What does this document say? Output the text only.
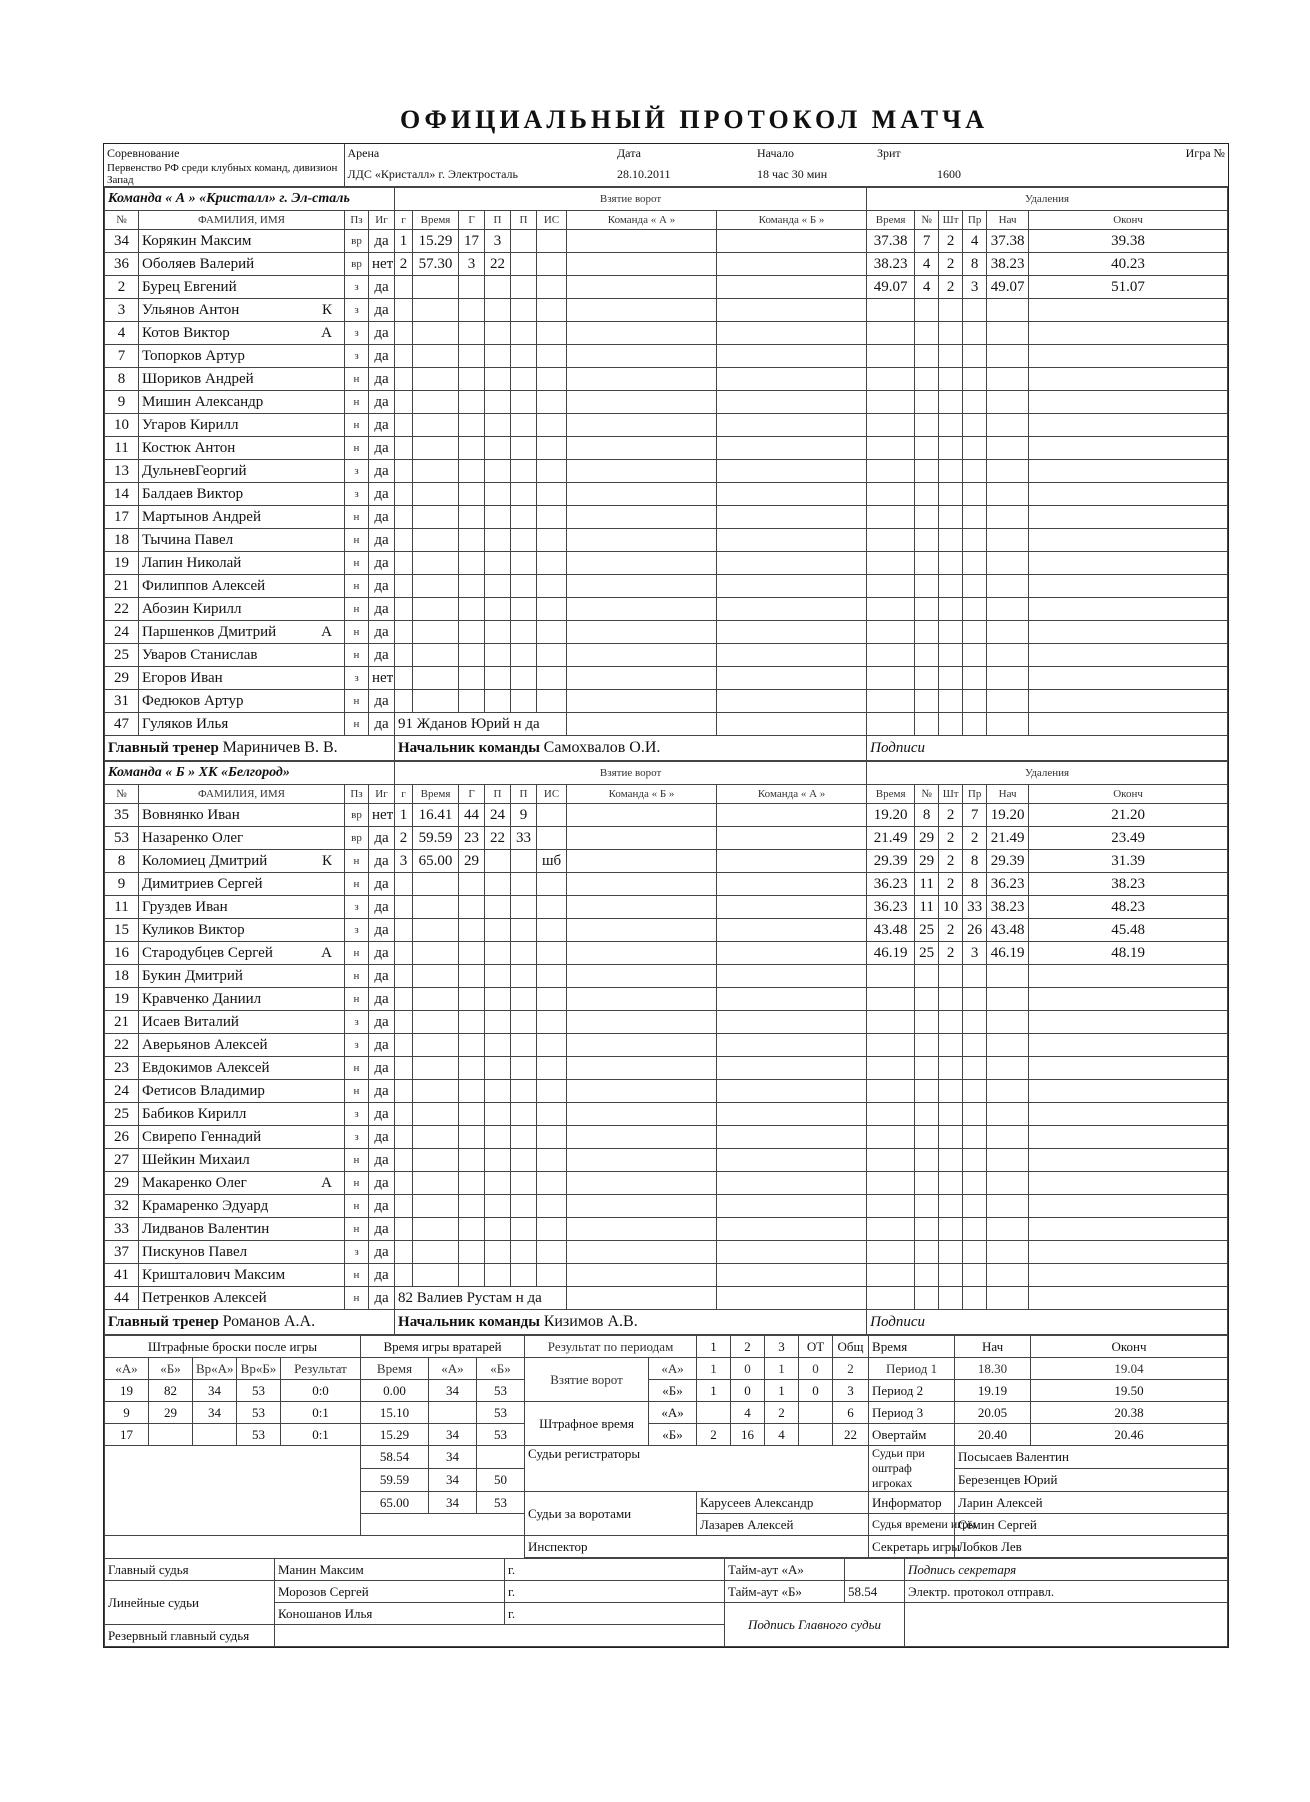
ОФИЦИАЛЬНЫЙ ПРОТОКОЛ МАТЧА
Соревнование	Арена	Дата	Начало	Зрит	Игра №
Первенство РФ среди клубных команд, дивизион Запад	ЛДС «Кристалл» г. Электросталь	28.10.2011	18 час 30 мин	1600	
Команда « А » «Кристалл» г. Эл-сталь				Взятие ворот								Удаления					
№	ФАМИЛИЯ, ИМЯ	Пз	Иг	г	Время	Г	П	П	ИС	Команда « А »	Команда « Б »	Время	№	Шт	Пр	Нач	Оконч
34	Корякин Максим	вр	да	1	15.29	17	3					37.38	7	2	4	37.38	39.38
36	Оболяев Валерий	вр	нет	2	57.30	3	22					38.23	4	2	8	38.23	40.23
2	Бурец Евгений	з	да									49.07	4	2	3	49.07	51.07
3	Ульянов Антон К	з	да														
4	Котов Виктор А	з	да														
7	Топорков Артур	з	да														
8	Шориков Андрей	н	да														
9	Мишин Александр	н	да														
10	Угаров Кирилл	н	да														
11	Костюк Антон	н	да														
13	ДульневГеоргий	з	да														
14	Балдаев Виктор	з	да														
17	Мартынов Андрей	н	да														
18	Тычина Павел	н	да														
19	Лапин Николай	н	да														
21	Филиппов Алексей	н	да														
22	Абозин Кирилл	н	да														
24	Паршенков Дмитрий А	н	да														
25	Уваров Станислав	н	да														
29	Егоров Иван	з	нет														
31	Федюков Артур	н	да														
47	Гуляков Илья	н	да	91 Жданов Юрий н да													
Главный тренер Мариничев В. В.				Начальник команды Самохвалов О.И.								Подписи					
Команда « Б » ХК «Белгород»				Взятие ворот								Удаления					
№	ФАМИЛИЯ, ИМЯ	Пз	Иг	г	Время	Г	П	П	ИС	Команда « Б »	Команда « А »	Время	№	Шт	Пр	Нач	Оконч
35	Вовнянко Иван	вр	нет	1	16.41	44	24	9				19.20	8	2	7	19.20	21.20
53	Назаренко Олег	вр	да	2	59.59	23	22	33				21.49	29	2	2	21.49	23.49
8	Коломиец Дмитрий К	н	да	3	65.00	29			шб			29.39	29	2	8	29.39	31.39
9	Димитриев Сергей	н	да									36.23	11	2	8	36.23	38.23
11	Груздев Иван	з	да									36.23	11	10	33	38.23	48.23
15	Куликов Виктор	з	да									43.48	25	2	26	43.48	45.48
16	Стародубцев Сергей А	н	да									46.19	25	2	3	46.19	48.19
18	Букин Дмитрий	н	да														
19	Кравченко Даниил	н	да														
21	Исаев Виталий	з	да														
22	Аверьянов Алексей	з	да														
23	Евдокимов Алексей	н	да														
24	Фетисов Владимир	н	да														
25	Бабиков Кирилл	з	да														
26	Свирепо Геннадий	з	да														
27	Шейкин Михаил	н	да														
29	Макаренко Олег А	н	да														
32	Крамаренко Эдуард	н	да														
33	Лидванов Валентин	н	да														
37	Пискунов Павел	з	да														
41	Кришталович Максим	н	да														
44	Петренков Алексей	н	да	82 Валиев Рустам н да													
Главный тренер Романов А.А.				Начальник команды Кизимов А.В.								Подписи					
Штрафные броски после игры					Время игры вратарей			Результат по периодам		1	2	3	ОТ	Общ	Время	Нач	Оконч
«А»	«Б»	Вр«А»	Вр«Б»	Результат	Время	«А»	«Б»	Взятие ворот	«А»	1	0	1	0	2	Период 1	18.30	19.04
19	82	34	53	0:0	0.00	34	53		«Б»	1	0	1	0	3	Период 2	19.19	19.50
9	29	34	53	0:1	15.10		53	Штрафное время	«А»		4	2		6	Период 3	20.05	20.38
17			53	0:1	15.29	34	53		«Б»	2	16	4		22	Овертайм	20.40	20.46
					58.54	34		Судьи регистраторы							Судьи при оштраф игроках	Посысаев Валентин	
					59.59	34	50									Березенцев Юрий	
					65.00	34	53	Судьи за воротами		Карусеев Александр					Информатор	Ларин Алексей	
										Лазарев Алексей					Судья времени игры	Сёмин Сергей	
								Инспектор							Секретарь игры	Лобков Лев	
Главный судья	Манин Максим	г.	Тайм-аут «А»		Подпись секретаря
Линейные судьи	Морозов Сергей	г.	Тайм-аут «Б»	58.54	Электр. протокол отправл.
	Коношанов Илья	г.	Подпись Главного судьи		
Резервный главный судья					
